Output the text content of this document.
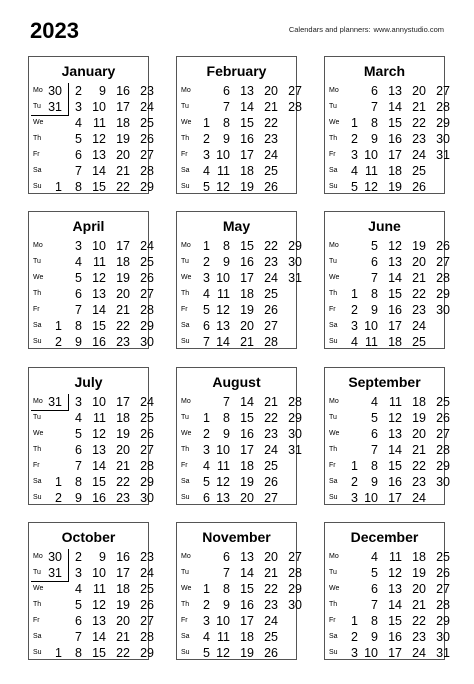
2023	Calendars and planners: www.annystudio.com
January
Mo 30	2	9 16 23
Tu 31	3 10 17 24
We	4 11 18 25
Th	5 12 19 26
Fr	6 13 20 27
Sa	7 14 21 28
Su	1	8 15 22 29
February
Mo	6 13 20 27
Tu	7 14 21 28
We 1	8 15 22
Th	2	9 16 23
Fr	3 10 17 24
Sa	4 11 18 25
Su	5 12 19 26
March
Mo	6 13 20 27
Tu	7 14 21 28
We 1	8 15 22 29
Th	2	9 16 23 30
Fr	3 10 17 24 31
Sa	4 11 18 25
Su	5 12 19 26
April
Mo	3 10 17 24
Tu	4 11 18 25
We	5 12 19 26
Th	6 13 20 27
Fr	7 14 21 28
Sa	1	8 15 22 29
Su	2	9 16 23 30
May
Mo 1	8 15 22 29
Tu	2	9 16 23 30
We 3 10 17 24 31
Th	4 11 18 25
Fr	5 12 19 26
Sa	6 13 20 27
Su	7 14 21 28
June
Mo	5 12 19 26
Tu	6 13 20 27
We	7 14 21 28
Th	1	8 15 22 29
Fr	2	9 16 23 30
Sa	3 10 17 24
Su	4 11 18 25
July
Mo 31	3 10 17 24
Tu	4 11 18 25
We	5 12 19 26
Th	6 13 20 27
Fr	7 14 21 28
Sa	1	8 15 22 29
Su	2	9 16 23 30
August
Mo	7 14 21 28
Tu	1	8 15 22 29
We 2	9 16 23 30
Th	3 10 17 24 31
Fr	4 11 18 25
Sa	5 12 19 26
Su	6 13 20 27
September
Mo	4 11 18 25
Tu	5 12 19 26
We	6 13 20 27
Th	7 14 21 28
Fr	1	8 15 22 29
Sa	2	9 16 23 30
Su	3 10 17 24
October
Mo 30	2	9 16 23
Tu 31	3 10 17 24
We	4 11 18 25
Th	5 12 19 26
Fr	6 13 20 27
Sa	7 14 21 28
Su	1	8 15 22 29
November
Mo	6 13 20 27
Tu	7 14 21 28
We 1	8 15 22 29
Th	2	9 16 23 30
Fr	3 10 17 24
Sa	4 11 18 25
Su	5 12 19 26
December
Mo	4 11 18 25
Tu	5 12 19 26
We	6 13 20 27
Th	7 14 21 28
Fr	1	8 15 22 29
Sa	2	9 16 23 30
Su	3 10 17 24 31
